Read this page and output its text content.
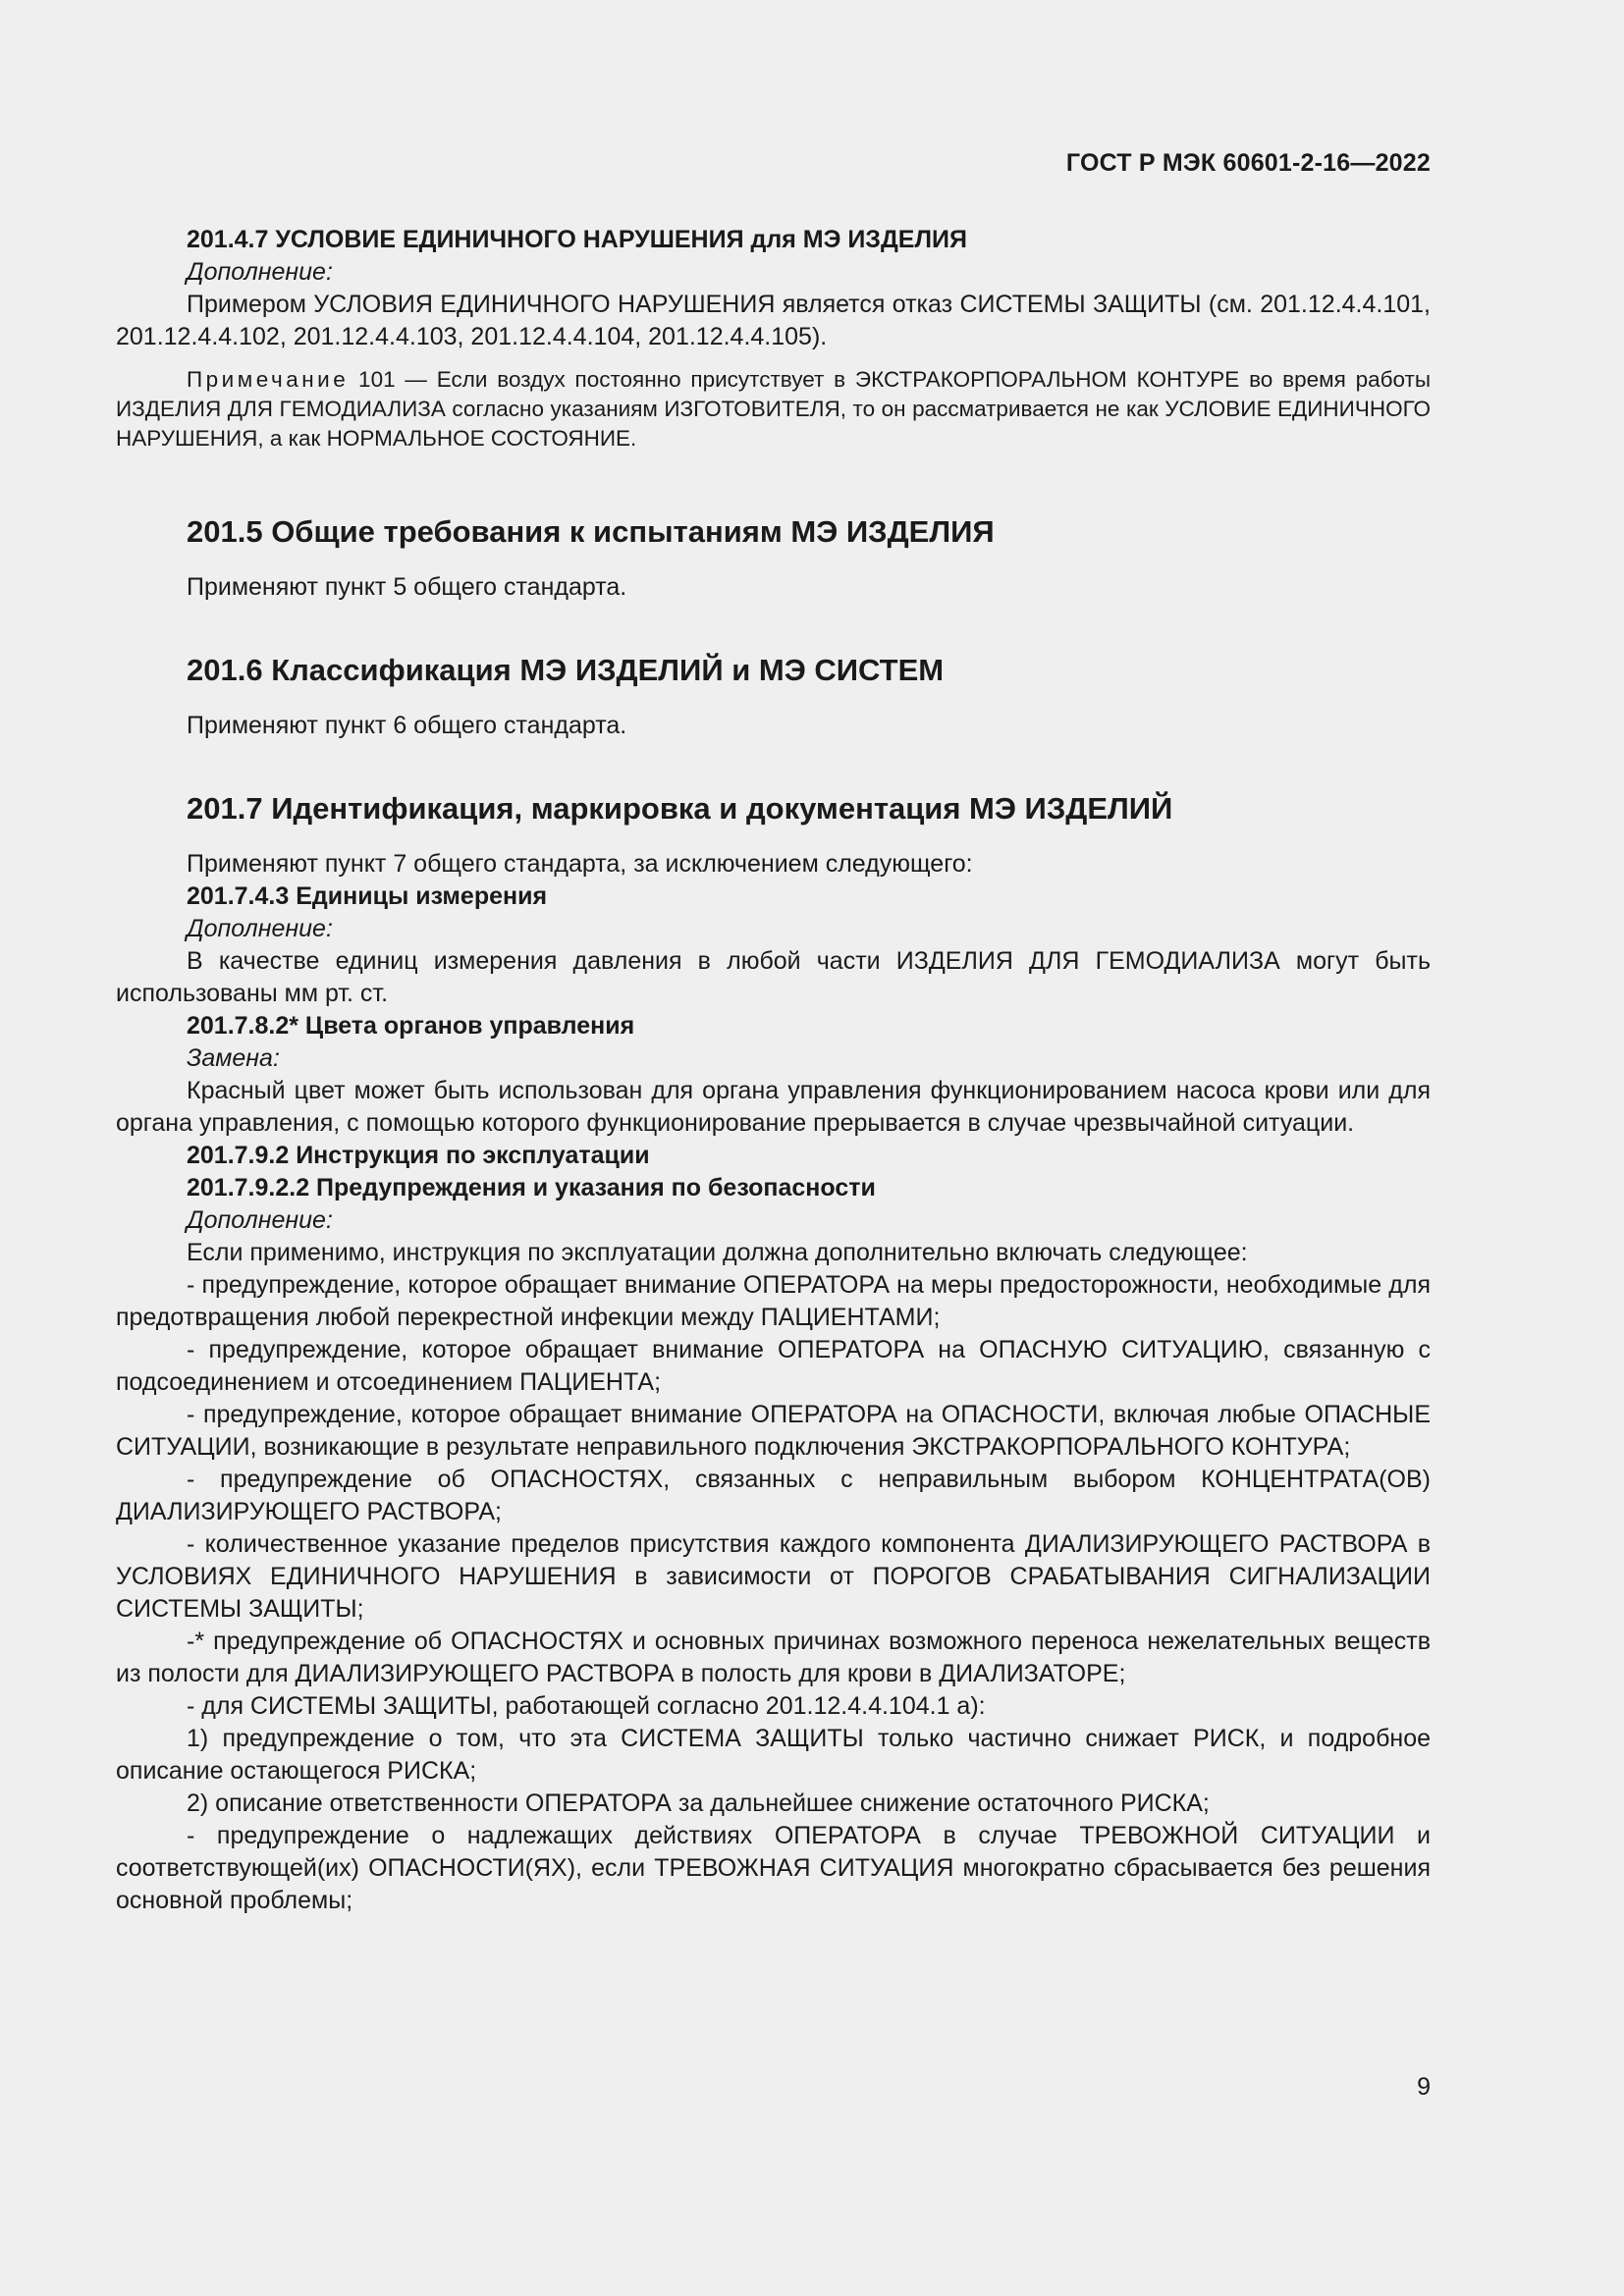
ГОСТ Р МЭК 60601-2-16—2022

201.4.7 УСЛОВИЕ ЕДИНИЧНОГО НАРУШЕНИЯ для МЭ ИЗДЕЛИЯ

Дополнение:

Примером УСЛОВИЯ ЕДИНИЧНОГО НАРУШЕНИЯ является отказ СИСТЕМЫ ЗАЩИТЫ (см. 201.12.4.4.101, 201.12.4.4.102, 201.12.4.4.103, 201.12.4.4.104, 201.12.4.4.105).

Примечание 101 — Если воздух постоянно присутствует в ЭКСТРАКОРПОРАЛЬНОМ КОНТУРЕ во время работы ИЗДЕЛИЯ ДЛЯ ГЕМОДИАЛИЗА согласно указаниям ИЗГОТОВИТЕЛЯ, то он рассматривается не как УСЛОВИЕ ЕДИНИЧНОГО НАРУШЕНИЯ, а как НОРМАЛЬНОЕ СОСТОЯНИЕ.

201.5 Общие требования к испытаниям МЭ ИЗДЕЛИЯ

Применяют пункт 5 общего стандарта.

201.6 Классификация МЭ ИЗДЕЛИЙ и МЭ СИСТЕМ

Применяют пункт 6 общего стандарта.

201.7 Идентификация, маркировка и документация МЭ ИЗДЕЛИЙ

Применяют пункт 7 общего стандарта, за исключением следующего:

201.7.4.3 Единицы измерения

Дополнение:

В качестве единиц измерения давления в любой части ИЗДЕЛИЯ ДЛЯ ГЕМОДИАЛИЗА могут быть использованы мм рт. ст.

201.7.8.2* Цвета органов управления

Замена:

Красный цвет может быть использован для органа управления функционированием насоса крови или для органа управления, с помощью которого функционирование прерывается в случае чрезвычайной ситуации.

201.7.9.2 Инструкция по эксплуатации

201.7.9.2.2 Предупреждения и указания по безопасности

Дополнение:

Если применимо, инструкция по эксплуатации должна дополнительно включать следующее:

- предупреждение, которое обращает внимание ОПЕРАТОРА на меры предосторожности, необходимые для предотвращения любой перекрестной инфекции между ПАЦИЕНТАМИ;

- предупреждение, которое обращает внимание ОПЕРАТОРА на ОПАСНУЮ СИТУАЦИЮ, связанную с подсоединением и отсоединением ПАЦИЕНТА;

- предупреждение, которое обращает внимание ОПЕРАТОРА на ОПАСНОСТИ, включая любые ОПАСНЫЕ СИТУАЦИИ, возникающие в результате неправильного подключения ЭКСТРАКОРПОРАЛЬНОГО КОНТУРА;

- предупреждение об ОПАСНОСТЯХ, связанных с неправильным выбором КОНЦЕНТРАТА(ОВ) ДИАЛИЗИРУЮЩЕГО РАСТВОРА;

- количественное указание пределов присутствия каждого компонента ДИАЛИЗИРУЮЩЕГО РАСТВОРА в УСЛОВИЯХ ЕДИНИЧНОГО НАРУШЕНИЯ в зависимости от ПОРОГОВ СРАБАТЫВАНИЯ СИГНАЛИЗАЦИИ СИСТЕМЫ ЗАЩИТЫ;

-* предупреждение об ОПАСНОСТЯХ и основных причинах возможного переноса нежелательных веществ из полости для ДИАЛИЗИРУЮЩЕГО РАСТВОРА в полость для крови в ДИАЛИЗАТОРЕ;

- для СИСТЕМЫ ЗАЩИТЫ, работающей согласно 201.12.4.4.104.1 а):

1) предупреждение о том, что эта СИСТЕМА ЗАЩИТЫ только частично снижает РИСК, и подробное описание остающегося РИСКА;

2) описание ответственности ОПЕРАТОРА за дальнейшее снижение остаточного РИСКА;

- предупреждение о надлежащих действиях ОПЕРАТОРА в случае ТРЕВОЖНОЙ СИТУАЦИИ и соответствующей(их) ОПАСНОСТИ(ЯХ), если ТРЕВОЖНАЯ СИТУАЦИЯ многократно сбрасывается без решения основной проблемы;

9
